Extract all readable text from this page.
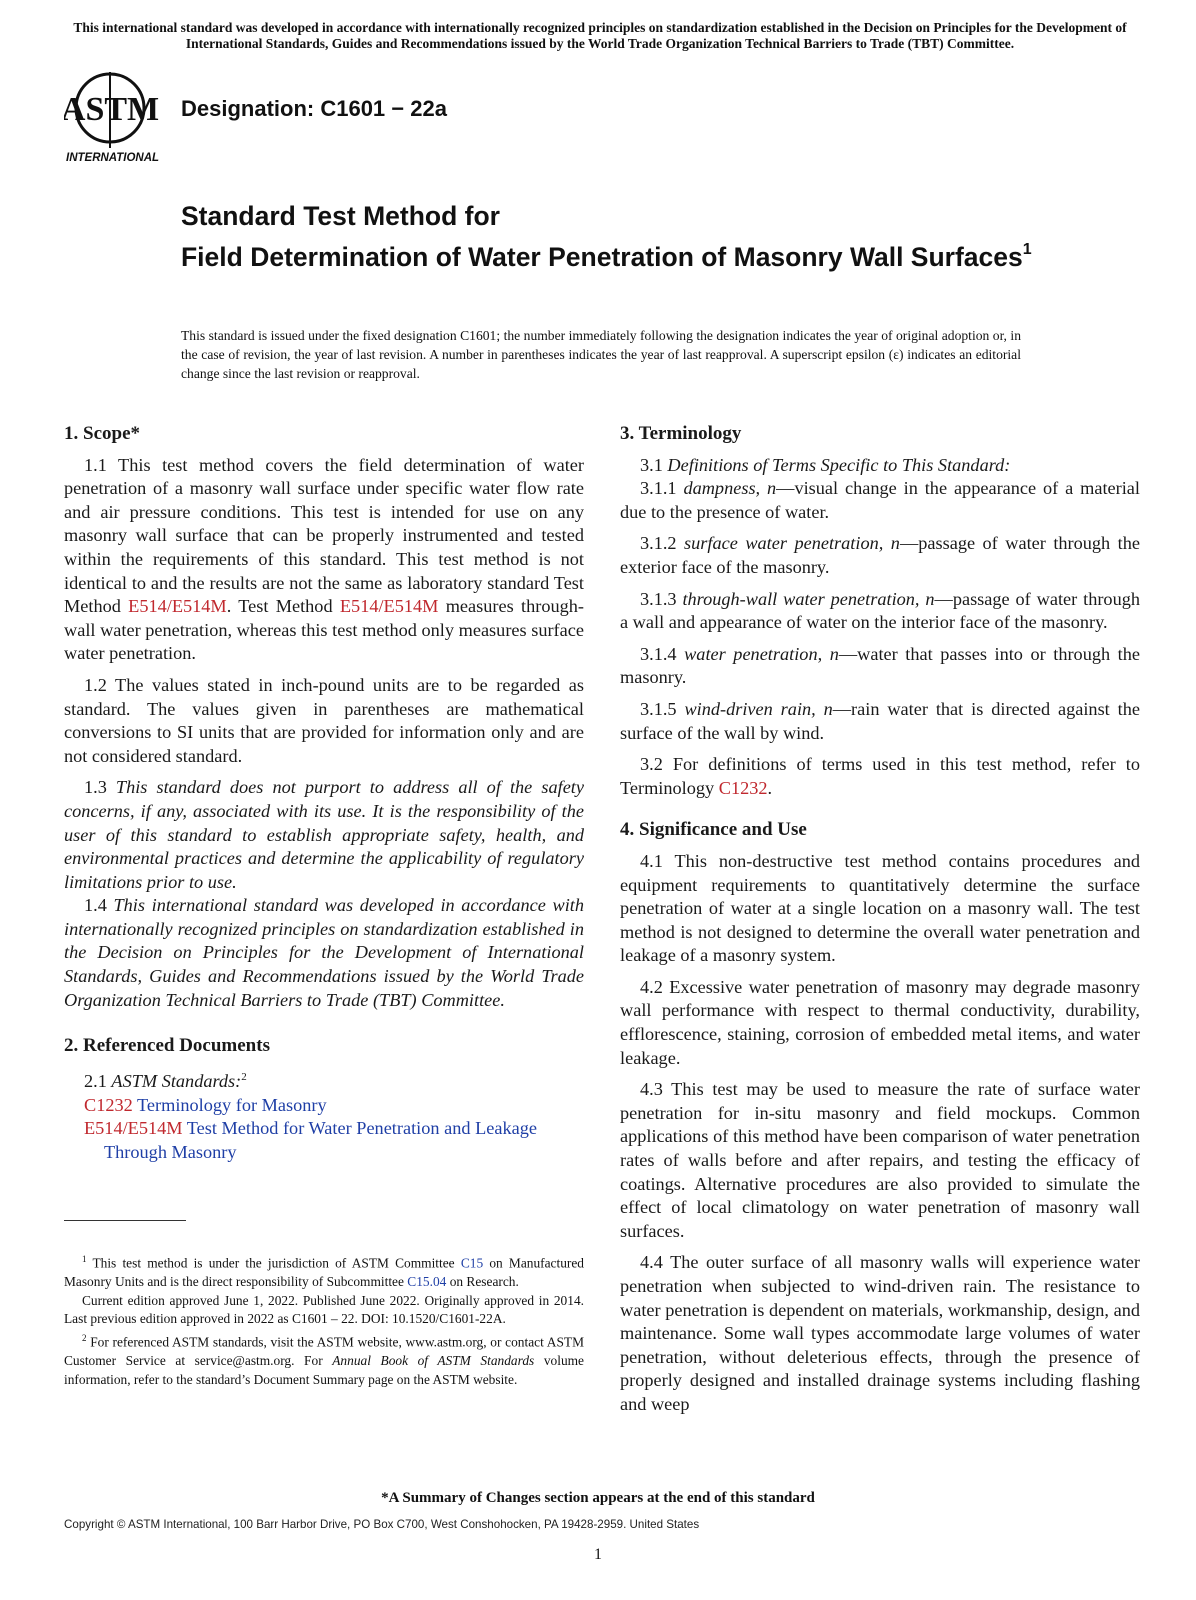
This international standard was developed in accordance with internationally recognized principles on standardization established in the Decision on Principles for the Development of International Standards, Guides and Recommendations issued by the World Trade Organization Technical Barriers to Trade (TBT) Committee.
ASTM
INTERNATIONAL
Designation: C1601 − 22a
Standard Test Method for
Field Determination of Water Penetration of Masonry Wall Surfaces$^1$
This standard is issued under the fixed designation C1601; the number immediately following the designation indicates the year of original adoption or, in the case of revision, the year of last revision. A number in parentheses indicates the year of last reapproval. A superscript epsilon (ε) indicates an editorial change since the last revision or reapproval.
1. Scope*

1.1 This test method covers the field determination of water penetration of a masonry wall surface under specific water flow rate and air pressure conditions. This test is intended for use on any masonry wall surface that can be properly instrumented and tested within the requirements of this standard. This test method is not identical to and the results are not the same as laboratory standard Test Method E514/E514M. Test Method E514/E514M measures through-wall water penetration, whereas this test method only measures surface water penetration.

1.2 The values stated in inch-pound units are to be regarded as standard. The values given in parentheses are mathematical conversions to SI units that are provided for information only and are not considered standard.

1.3 This standard does not purport to address all of the safety concerns, if any, associated with its use. It is the responsibility of the user of this standard to establish appropriate safety, health, and environmental practices and determine the applicability of regulatory limitations prior to use.

1.4 This international standard was developed in accordance with internationally recognized principles on standardization established in the Decision on Principles for the Development of International Standards, Guides and Recommendations issued by the World Trade Organization Technical Barriers to Trade (TBT) Committee.

2. Referenced Documents
2.1 ASTM Standards:$^2$
C1232 Terminology for Masonry
E514/E514M Test Method for Water Penetration and Leakage Through Masonry

$^1$ This test method is under the jurisdiction of ASTM Committee C15 on Manufactured Masonry Units and is the direct responsibility of Subcommittee C15.04 on Research.

Current edition approved June 1, 2022. Published June 2022. Originally approved in 2014. Last previous edition approved in 2022 as C1601 – 22. DOI: 10.1520/C1601-22A.

$^2$ For referenced ASTM standards, visit the ASTM website, www.astm.org, or contact ASTM Customer Service at service@astm.org. For Annual Book of ASTM Standards volume information, refer to the standard’s Document Summary page on the ASTM website.

3. Terminology

3.1 Definitions of Terms Specific to This Standard:

3.1.1 dampness, n—visual change in the appearance of a material due to the presence of water.

3.1.2 surface water penetration, n—passage of water through the exterior face of the masonry.

3.1.3 through-wall water penetration, n—passage of water through a wall and appearance of water on the interior face of the masonry.

3.1.4 water penetration, n—water that passes into or through the masonry.

3.1.5 wind-driven rain, n—rain water that is directed against the surface of the wall by wind.

3.2 For definitions of terms used in this test method, refer to Terminology C1232.

4. Significance and Use

4.1 This non-destructive test method contains procedures and equipment requirements to quantitatively determine the surface penetration of water at a single location on a masonry wall. The test method is not designed to determine the overall water penetration and leakage of a masonry system.

4.2 Excessive water penetration of masonry may degrade masonry wall performance with respect to thermal conductivity, durability, efflorescence, staining, corrosion of embedded metal items, and water leakage.

4.3 This test may be used to measure the rate of surface water penetration for in-situ masonry and field mockups. Common applications of this method have been comparison of water penetration rates of walls before and after repairs, and testing the efficacy of coatings. Alternative procedures are also provided to simulate the effect of local climatology on water penetration of masonry wall surfaces.

4.4 The outer surface of all masonry walls will experience water penetration when subjected to wind-driven rain. The resistance to water penetration is dependent on materials, workmanship, design, and maintenance. Some wall types accommodate large volumes of water penetration, without deleterious effects, through the presence of properly designed and installed drainage systems including flashing and weep

*A Summary of Changes section appears at the end of this standard
Copyright © ASTM International, 100 Barr Harbor Drive, PO Box C700, West Conshohocken, PA 19428-2959. United States
1
